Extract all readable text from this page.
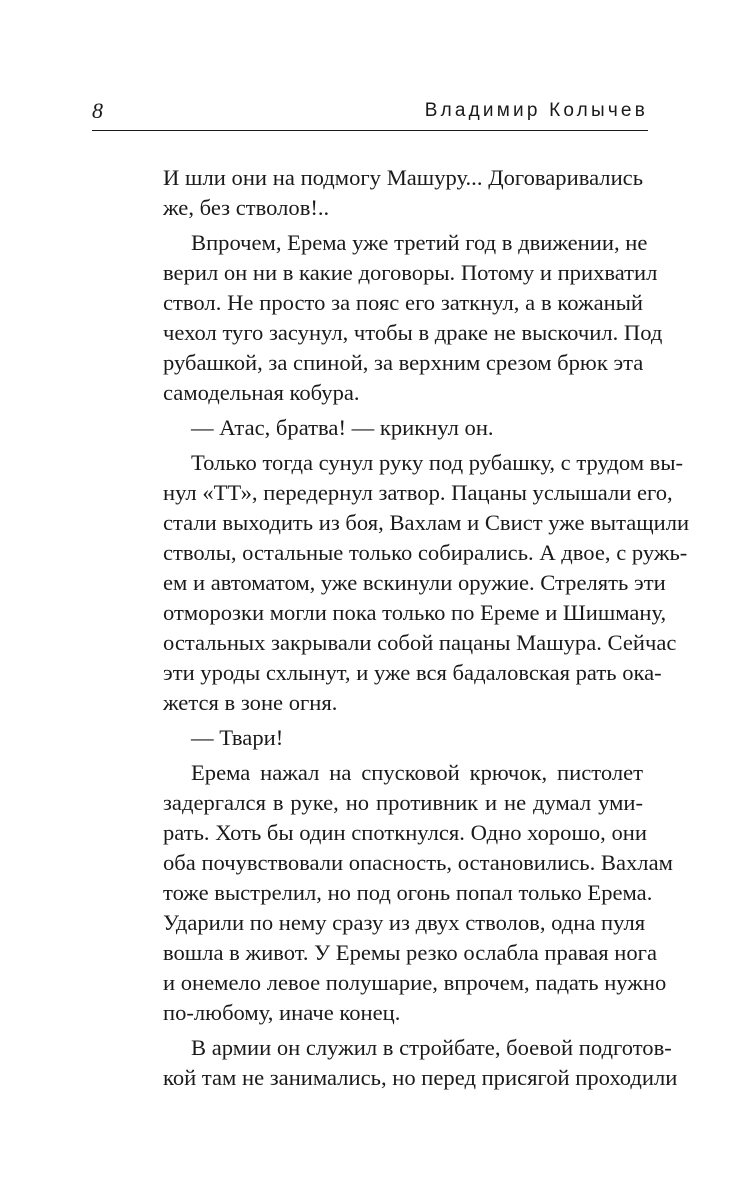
8	Владимир Колычев
И шли они на подмогу Машуру... Договаривались
же, без стволов!..
Впрочем, Ерема уже третий год в движении, не
верил он ни в какие договоры. Потому и прихватил
ствол. Не просто за пояс его заткнул, а в кожаный
чехол туго засунул, чтобы в драке не выскочил. Под
рубашкой, за спиной, за верхним срезом брюк эта
самодельная кобура.
— Атас, братва! — крикнул он.
Только тогда сунул руку под рубашку, с трудом вы-
нул «ТТ», передернул затвор. Пацаны услышали его,
стали выходить из боя, Вахлам и Свист уже вытащили
стволы, остальные только собирались. А двое, с ружь-
ем и автоматом, уже вскинули оружие. Стрелять эти
отморозки могли пока только по Ереме и Шишману,
остальных закрывали собой пацаны Машура. Сейчас
эти уроды схлынут, и уже вся бадаловская рать ока-
жется в зоне огня.
— Твари!
Ерема нажал на спусковой крючок, пистолет
задергался в руке, но противник и не думал уми-
рать. Хоть бы один споткнулся. Одно хорошо, они
оба почувствовали опасность, остановились. Вахлам
тоже выстрелил, но под огонь попал только Ерема.
Ударили по нему сразу из двух стволов, одна пуля
вошла в живот. У Еремы резко ослабла правая нога
и онемело левое полушарие, впрочем, падать нужно
по-любому, иначе конец.
В армии он служил в стройбате, боевой подготов-
кой там не занимались, но перед присягой проходили
